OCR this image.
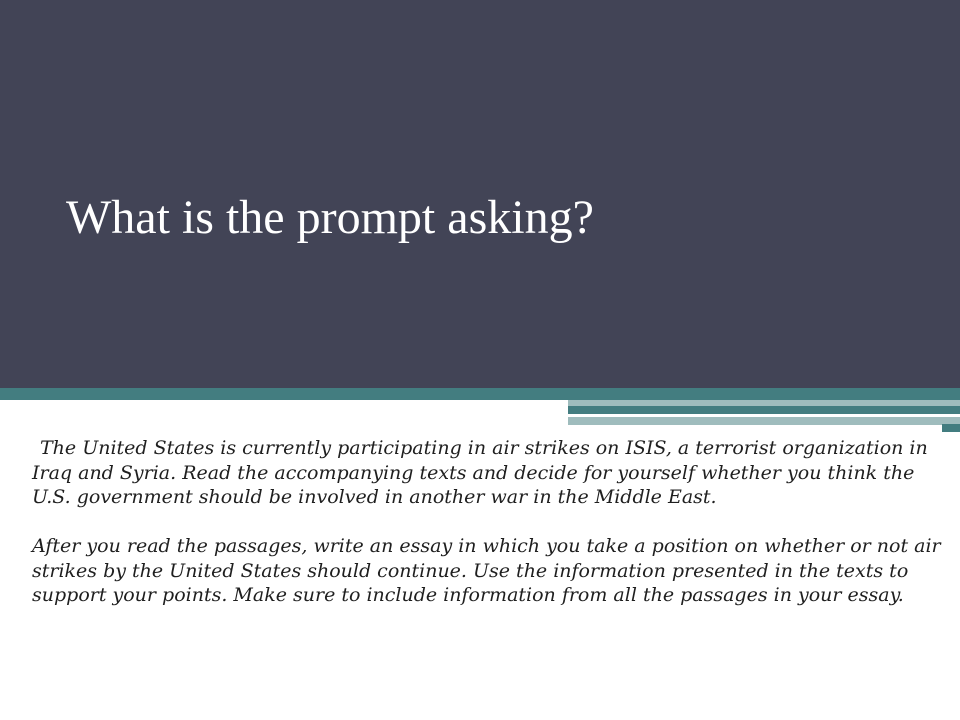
What is the prompt asking?

The United States is currently participating in air strikes on ISIS, a terrorist organization in Iraq and Syria. Read the accompanying texts and decide for yourself whether you think the U.S. government should be involved in another war in the Middle East.

After you read the passages, write an essay in which you take a position on whether or not air strikes by the United States should continue. Use the information presented in the texts to support your points. Make sure to include information from all the passages in your essay.
